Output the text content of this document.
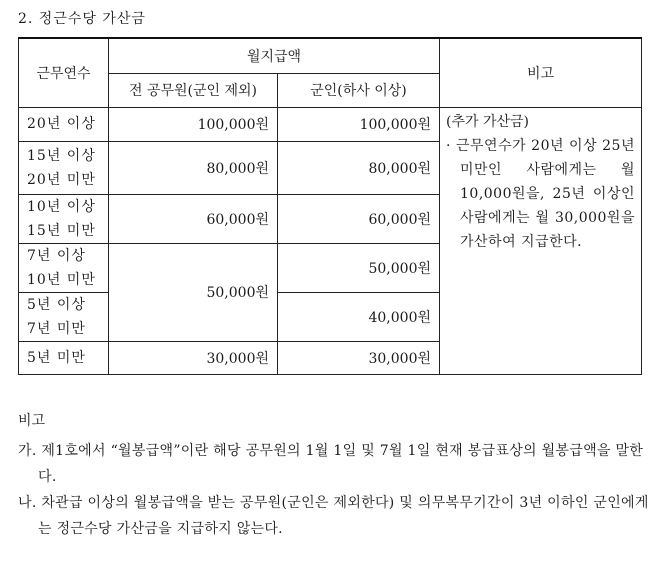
2. 정근수당 가산금
근무연수	월지급액		비고
	전 공무원(군인 제외)	군인(하사 이상)	
20년 이상	100,000원	100,000원	(추가 가산금)
· 근무연수가 20년 이상 25년 미만인 사람에게는 월 10,000원을, 25년 이상인 사람에게는 월 30,000원을 가산하여 지급한다.

15년 이상 20년 미만	80,000원	80,000원	
10년 이상 15년 미만	60,000원	60,000원	
7년 이상 10년 미만	50,000원	50,000원	
5년 이상 7년 미만		40,000원	
5년 미만	30,000원	30,000원	
비고
가. 제1호에서 “월봉급액”이란 해당 공무원의 1월 1일 및 7월 1일 현재 봉급표상의 월봉급액을 말한다.
나. 차관급 이상의 월봉급액을 받는 공무원(군인은 제외한다) 및 의무복무기간이 3년 이하인 군인에게는 정근수당 가산금을 지급하지 않는다.
